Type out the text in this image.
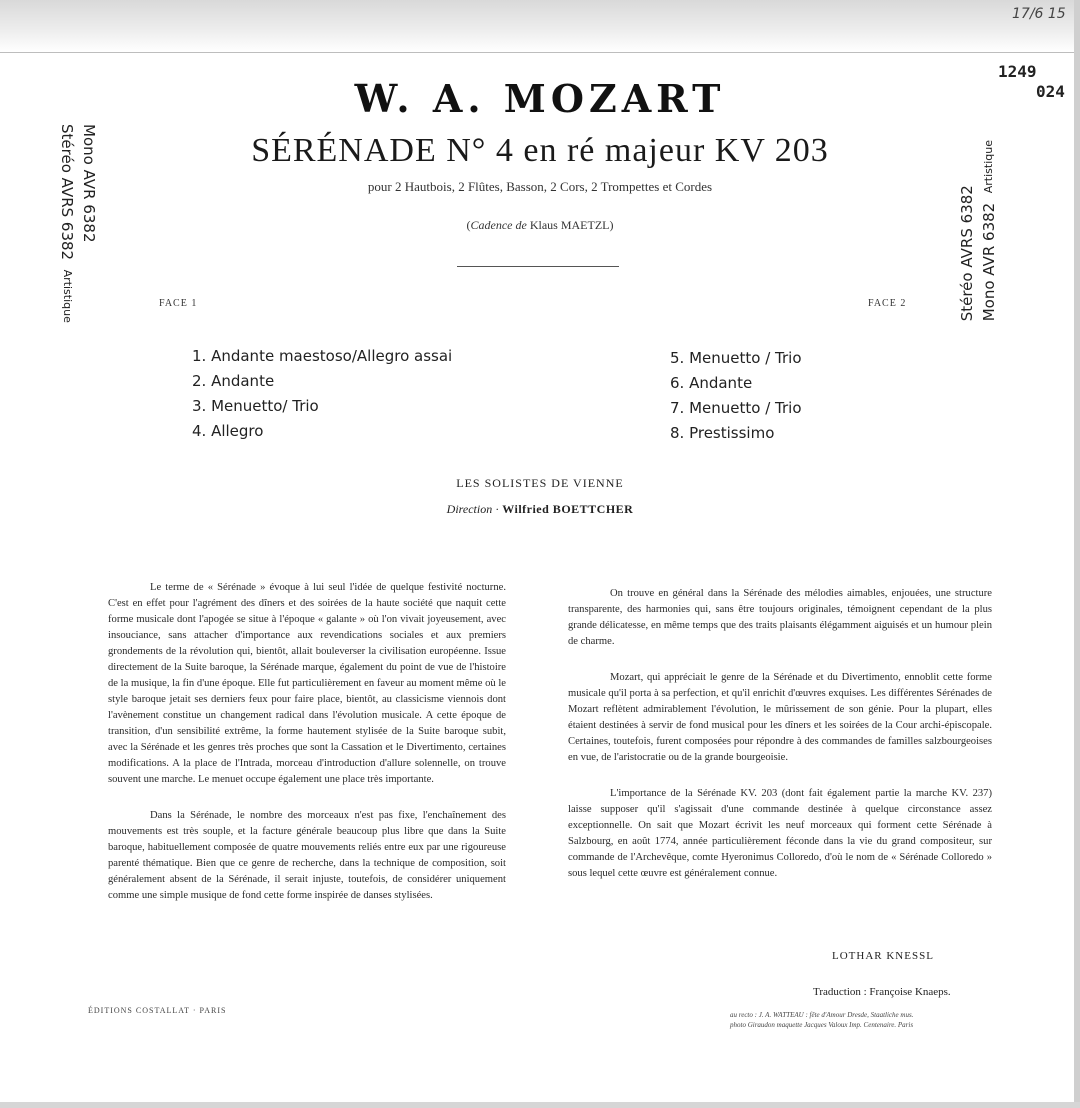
17/6 15
1249
024
W. A. MOZART
SÉRÉNADE N° 4 en ré majeur KV 203
pour 2 Hautbois, 2 Flûtes, Basson, 2 Cors, 2 Trompettes et Cordes
(Cadence de Klaus MAETZL)
Mono AVR 6382
Stéréo AVRS 6382  Artistique	Stéréo AVRS 6382 Mono AVR 6382  Artistique
FACE 1	FACE 2
1. Andante maestoso/Allegro assai
2. Andante
3. Menuetto/ Trio
4. Allegro
5. Menuetto / Trio
6. Andante
7. Menuetto / Trio
8. Prestissimo
LES SOLISTES DE VIENNE
Direction · Wilfried BOETTCHER

Le terme de « Sérénade » évoque à lui seul l'idée de quelque festivité nocturne. C'est en effet pour l'agrément des dîners et des soirées de la haute société que naquit cette forme musicale dont l'apogée se situe à l'époque « galante » où l'on vivait joyeusement, avec insouciance, sans attacher d'importance aux revendications sociales et aux premiers grondements de la révolution qui, bientôt, allait bouleverser la civilisation européenne. Issue directement de la Suite baroque, la Sérénade marque, également du point de vue de l'histoire de la musique, la fin d'une époque. Elle fut particulièrement en faveur au moment même où le style baroque jetait ses derniers feux pour faire place, bientôt, au classicisme viennois dont l'avènement constitue un changement radical dans l'évolution musicale. A cette époque de transition, d'un sensibilité extrême, la forme hautement stylisée de la Suite baroque subit, avec la Sérénade et les genres très proches que sont la Cassation et le Divertimento, certaines modifications. A la place de l'Intrada, morceau d'introduction d'allure solennelle, on trouve souvent une marche. Le menuet occupe également une place très importante.

Dans la Sérénade, le nombre des morceaux n'est pas fixe, l'enchaînement des mouvements est très souple, et la facture générale beaucoup plus libre que dans la Suite baroque, habituellement composée de quatre mouvements reliés entre eux par une rigoureuse parenté thématique. Bien que ce genre de recherche, dans la technique de composition, soit généralement absent de la Sérénade, il serait injuste, toutefois, de considérer uniquement comme une simple musique de fond cette forme inspirée de danses stylisées.

On trouve en général dans la Sérénade des mélodies aimables, enjouées, une structure transparente, des harmonies qui, sans être toujours originales, témoignent cependant de la plus grande délicatesse, en même temps que des traits plaisants élégamment aiguisés et un humour plein de charme.

Mozart, qui appréciait le genre de la Sérénade et du Divertimento, ennoblit cette forme musicale qu'il porta à sa perfection, et qu'il enrichit d'œuvres exquises. Les différentes Sérénades de Mozart reflètent admirablement l'évolution, le mûrissement de son génie. Pour la plupart, elles étaient destinées à servir de fond musical pour les dîners et les soirées de la Cour archi-épiscopale. Certaines, toutefois, furent composées pour répondre à des commandes de familles salzbourgeoises en vue, de l'aristocratie ou de la grande bourgeoisie.

L'importance de la Sérénade KV. 203 (dont fait également partie la marche KV. 237) laisse supposer qu'il s'agissait d'une commande destinée à quelque circonstance assez exceptionnelle. On sait que Mozart écrivit les neuf morceaux qui forment cette Sérénade à Salzbourg, en août 1774, année particulièrement féconde dans la vie du grand compositeur, sur commande de l'Archevêque, comte Hyeronimus Colloredo, d'où le nom de « Sérénade Colloredo » sous lequel cette œuvre est généralement connue.

LOTHAR KNESSL
Traduction : Françoise Knaeps.
ÉDITIONS COSTALLAT · PARIS	au recto : J. A. WATTEAU : fête d'Amour Dresde, Staatliche mus.
photo Giraudon maquette Jacques Valoux Imp. Centenaire. Paris
